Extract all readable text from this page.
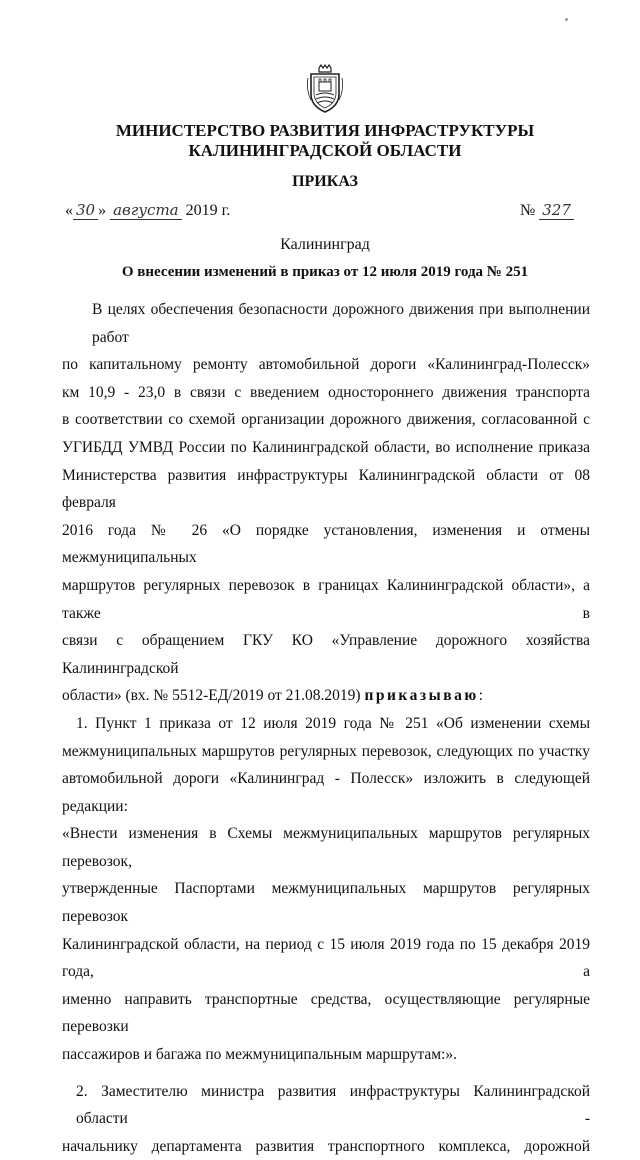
МИНИСТЕРСТВО РАЗВИТИЯ ИНФРАСТРУКТУРЫ
КАЛИНИНГРАДСКОЙ ОБЛАСТИ
ПРИКАЗ
« 30 » августа 2019 г.	№ 327
Калининград
О внесении изменений в приказ от 12 июля 2019 года № 251
В целях обеспечения безопасности дорожного движения при выполнении работ
по капитальному ремонту автомобильной дороги «Калининград-Полесск»
км 10,9 - 23,0 в связи с введением одностороннего движения транспорта
в соответствии со схемой организации дорожного движения, согласованной с
УГИБДД УМВД России по Калининградской области, во исполнение приказа
Министерства развития инфраструктуры Калининградской области от 08 февраля
2016 года № 26 «О порядке установления, изменения и отмены межмуниципальных
маршрутов регулярных перевозок в границах Калининградской области», а также в
связи с обращением ГКУ КО «Управление дорожного хозяйства Калининградской
области» (вх. № 5512-ЕД/2019 от 21.08.2019) приказываю:
1. Пункт 1 приказа от 12 июля 2019 года № 251 «Об изменении схемы
межмуниципальных маршрутов регулярных перевозок, следующих по участку
автомобильной дороги «Калининград - Полесск» изложить в следующей редакции:
«Внести изменения в Схемы межмуниципальных маршрутов регулярных перевозок,
утвержденные Паспортами межмуниципальных маршрутов регулярных перевозок
Калининградской области, на период с 15 июля 2019 года по 15 декабря 2019 года, а
именно направить транспортные средства, осуществляющие регулярные перевозки
пассажиров и багажа по межмуниципальным маршрутам:».
2. Заместителю министра развития инфраструктуры Калининградской области -
начальнику департамента развития транспортного комплекса, дорожной
